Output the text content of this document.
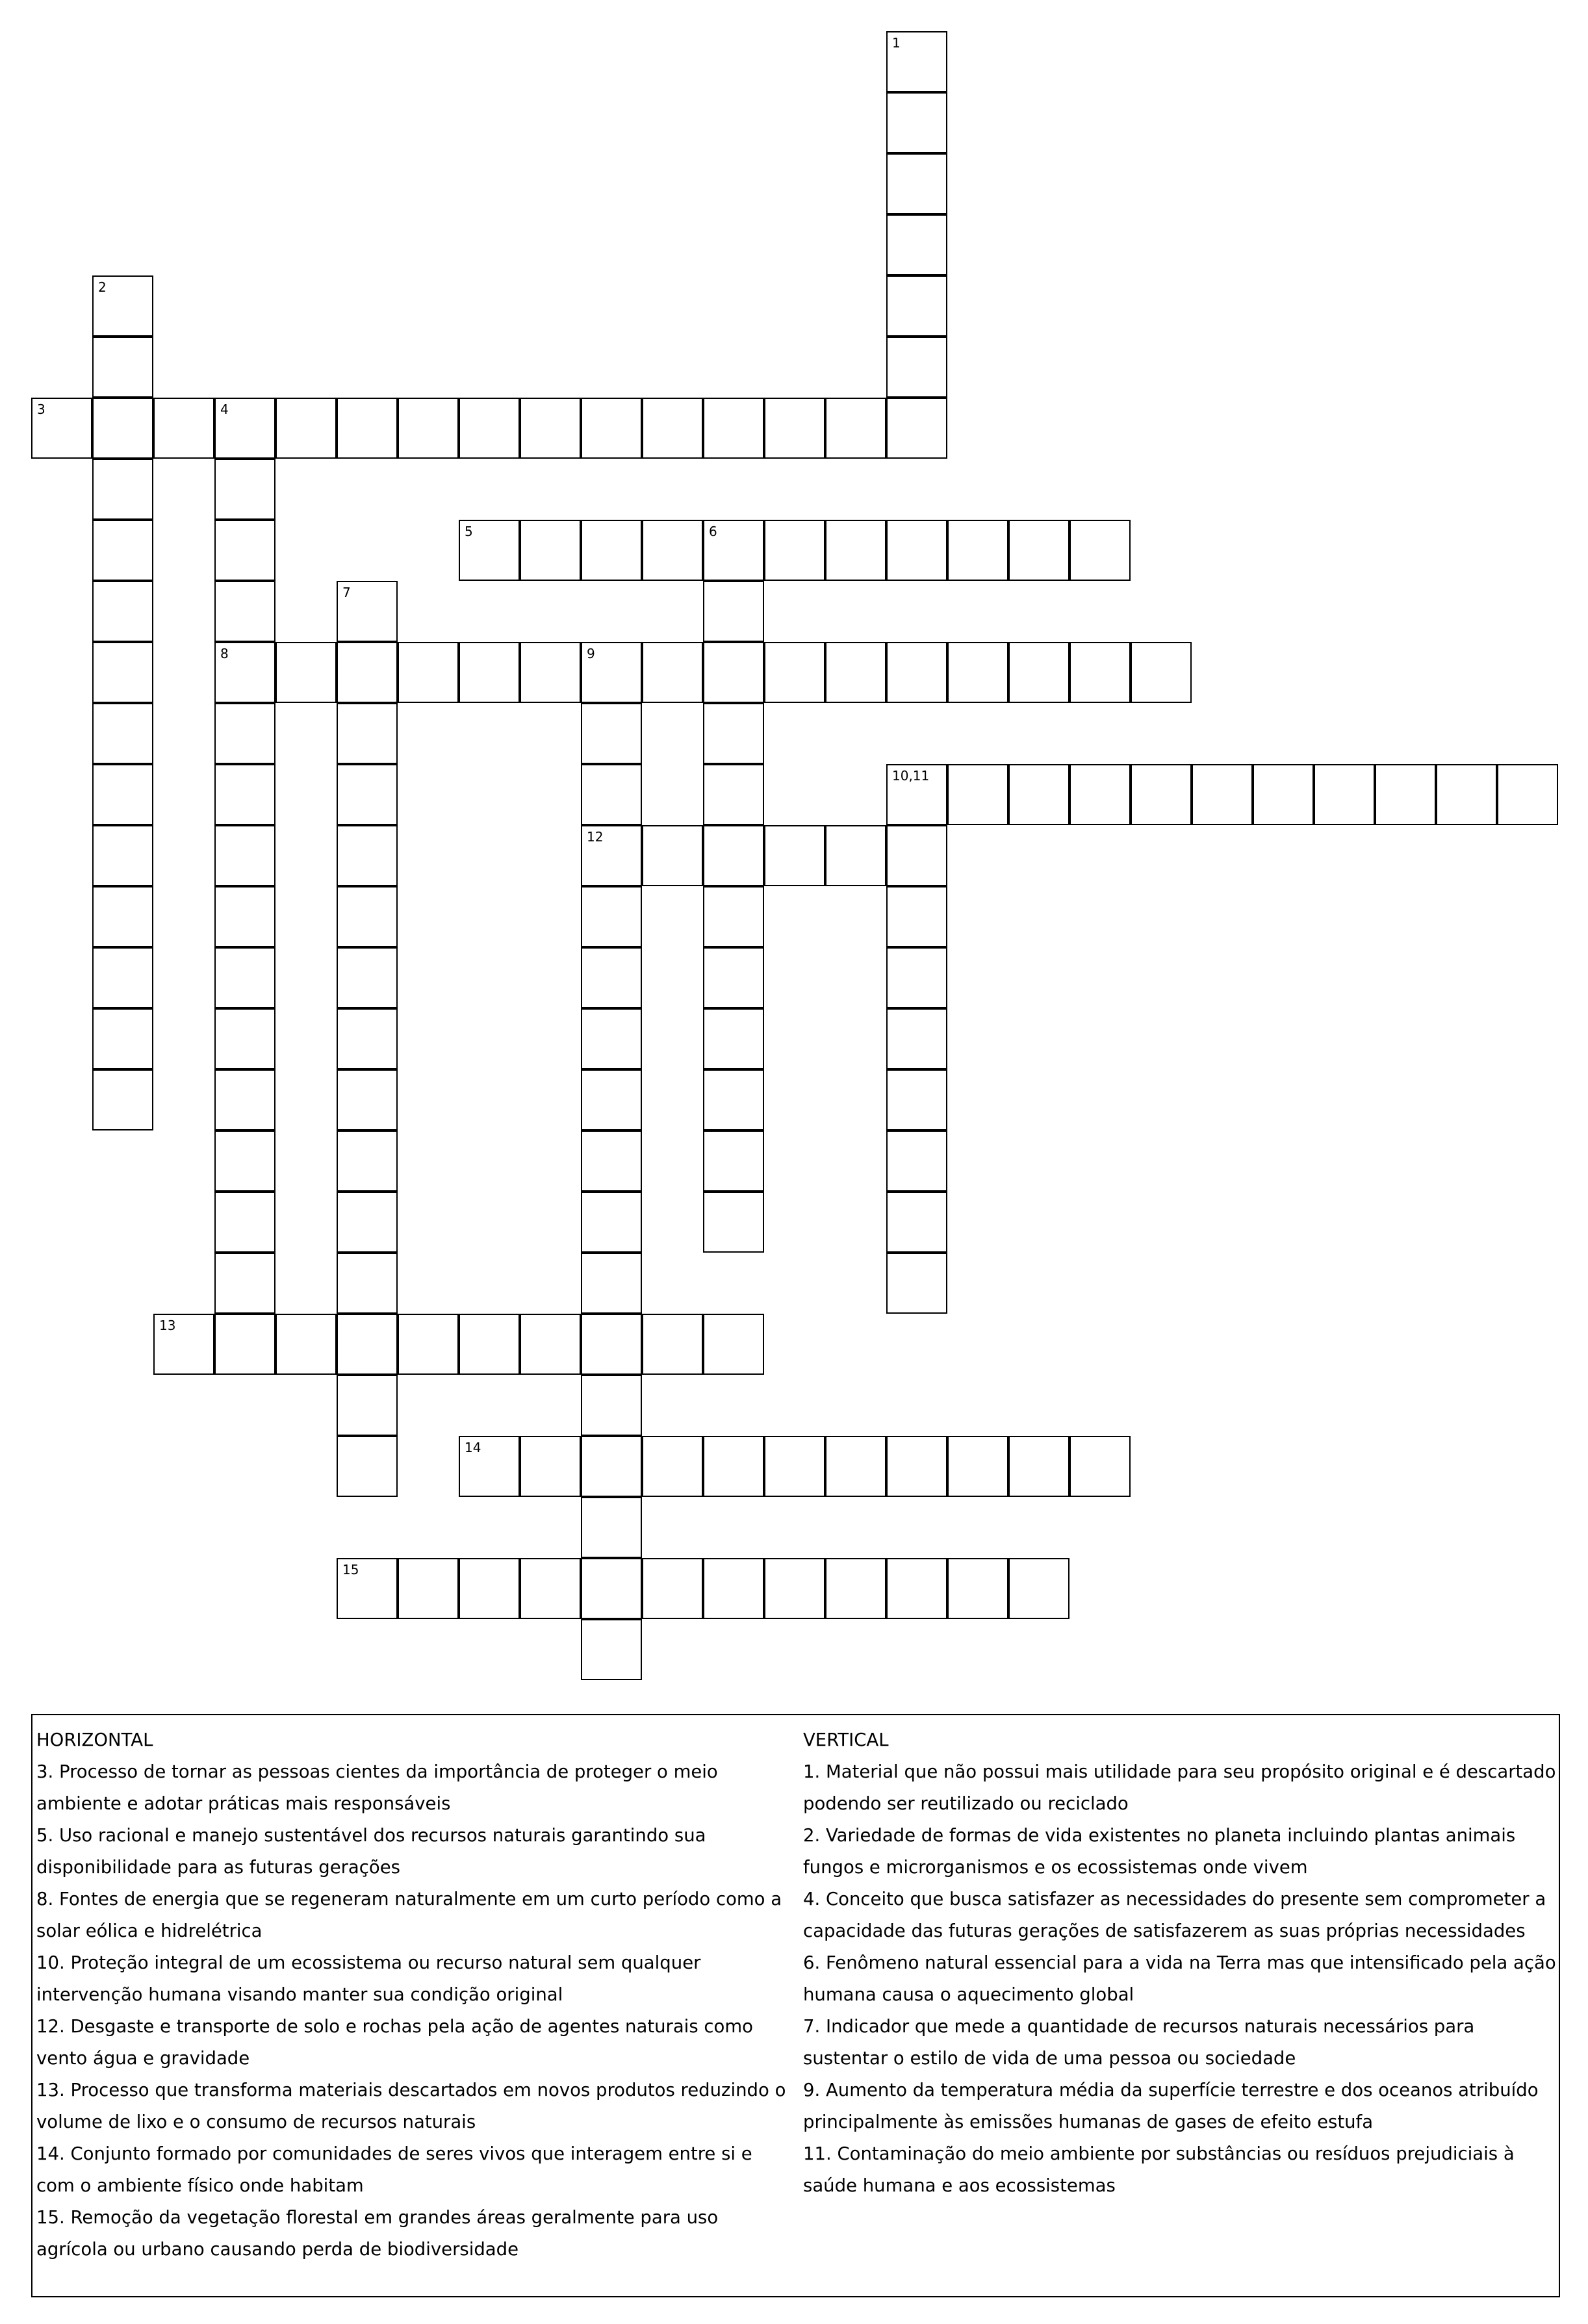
1
2
3	4
8
5	6
7
9
12
10,11
13
14
15

HORIZONTAL

3. Processo de tornar as pessoas cientes da importância de proteger o meio ambiente e adotar práticas mais responsáveis

5. Uso racional e manejo sustentável dos recursos naturais garantindo sua disponibilidade para as futuras gerações

8. Fontes de energia que se regeneram naturalmente em um curto período como a solar eólica e hidrelétrica

10. Proteção integral de um ecossistema ou recurso natural sem qualquer intervenção humana visando manter sua condição original

12. Desgaste e transporte de solo e rochas pela ação de agentes naturais como vento água e gravidade

13. Processo que transforma materiais descartados em novos produtos reduzindo o volume de lixo e o consumo de recursos naturais

14. Conjunto formado por comunidades de seres vivos que interagem entre si e com o ambiente físico onde habitam

15. Remoção da vegetação florestal em grandes áreas geralmente para uso agrícola ou urbano causando perda de biodiversidade

VERTICAL

1. Material que não possui mais utilidade para seu propósito original e é descartado podendo ser reutilizado ou reciclado

2. Variedade de formas de vida existentes no planeta incluindo plantas animais fungos e microrganismos e os ecossistemas onde vivem

4. Conceito que busca satisfazer as necessidades do presente sem comprometer a capacidade das futuras gerações de satisfazerem as suas próprias necessidades

6. Fenômeno natural essencial para a vida na Terra mas que intensificado pela ação humana causa o aquecimento global

7. Indicador que mede a quantidade de recursos naturais necessários para sustentar o estilo de vida de uma pessoa ou sociedade

9. Aumento da temperatura média da superfície terrestre e dos oceanos atribuído principalmente às emissões humanas de gases de efeito estufa

11. Contaminação do meio ambiente por substâncias ou resíduos prejudiciais à saúde humana e aos ecossistemas
